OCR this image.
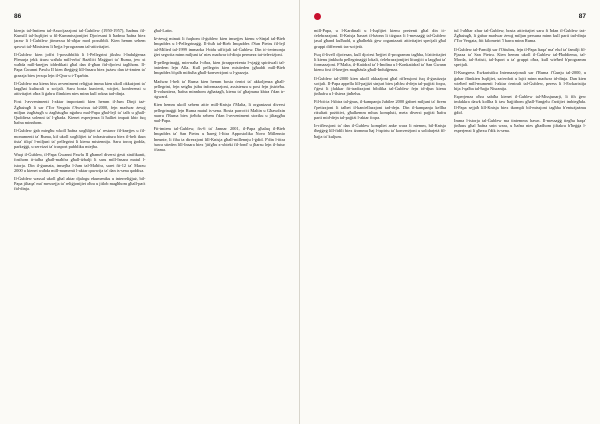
86

kienja tal-Imtiem tal-Assoċjazzjoni tal-Ġubilew (1950-1957), ħadmu fil-Kunsill tal-Isqfijiet u fil-Kummissjonijiet Djoċesani li ħadmu ħafna biex jaraw li l-Ġubilew jitmexxa bl-aħjar mod possibbli. Kien hemm sehem qawwi tal-Ministeru li ħejja l-programm tal-attivitajiet.

Il-Ġublew kien joffri l-possibbiltà li l-Pellegrini jiksbu l-Indulġenza Plenarja jekk iżuru waħda mill-erba' Bażiliċi Maġġuri ta' Ruma, jew xi waħda mill-knejjes iddedikati għal dan il-għan fid-djoċesi tagħhom. Il-Papa Ġwanni Pawlu II kien iħeġġeġ lill-Insara biex jużaw dan iż-żmien ta' grazzja biex jersqu lejn il-Qrar u t-Tqarbin.

Il-Ġublew ma kienx biss avveniment reliġjuż imma kien ukoll okkażjoni ta' laqgħat kulturali u soċjali. Saru bosta kunċerti, wirjiet, konferenzi u attivitajiet oħra li ġabru flimkien nies minn kull rokna tad-dinja.

Fost l-avvenimenti l-aktar importanti kien hemm il-Jum Dinji taż-Żgħażagħ li sar f'Tor Vergata f'Awwissu tal-2000, fejn madwar żewġ miljun żagħżugħ u żagħżugħa nġabru mal-Papa għal-lejl ta' talb u għall-Quddiesa solenni ta' l-għada. Kienet esperjenza li ħalliet impatt kbir fuq ħafna minnhom.

Il-Ġublew ġab miegħu wkoll ħafna xogħlijiet ta' restawr fil-knejjes u fil-monumenti ta' Ruma, kif ukoll xogħlijiet ta' infrastruttura biex il-belt tkun tista' tilqa' l-miljuni ta' pellegrini li kienu mistennija. Saru toroq ġodda, parkeġġi, u servizzi ta' trasport pubbliku mtejba.

Waqt il-Ġublew, il-Papa Ġwanni Pawlu II għamel diversi ġesti sinifikanti, fosthom it-talba għall-maħfra għall-iżbalji li saru mill-Insara matul l-istorja. Din il-ġurnata, imsejħa l-Jum tal-Maħfra, saret fit-12 ta' Marzu 2000 u kienet waħda mill-mumenti l-aktar qawwija ta' dan is-sena qaddisa.

Il-Ġublew wassal ukoll għal aktar djalogu ekumeniku u interreliġjuż, bil-Papa jiltaqa' ma' mexxejja ta' reliġjonijiet oħra u jitlob magħhom għall-paċi fid-dinja.

għal-Latin.

Iż-żewġ minuti li fuqhom il-ġublew kien imsejjes kienu s-Sinjal tal-Bieb Imqaddes u l-Pellegrinaġġ. Il-ftuħ tal-Bieb Imqaddes f'San Pietru fil-lejl tal-Milied tal-1999 immarka l-bidu uffiċjali tal-Ġublew. Din iċ-ċerimonja ġiet segwita minn miljuni ta' nies madwar id-dinja permezz tat-televiżjoni.

Il-pellegrinaġġ, min-naħa l-oħra, kien jirrappreżenta l-vjaġġ spiritwali tal-bniedem lejn Alla. Kull pellegrin kien mistieden jgħaddi mill-Bieb Imqaddes b'qalb miftuħa għall-konverżjoni u l-grazzja.

Madwar l-belt ta' Ruma kien hemm bosta ċentri ta' akkoljenza għall-pellegrini, fejn setgħu jsibu informazzjoni, assistenza u post fejn jistrieħu. Il-voluntiera, ħafna minnhom żgħażagħ, kienu ta' għajnuna kbira f'dan ir-rigward.

Kien hemm ukoll sehem attiv mill-Knisja f'Malta, li organizzat diversi pellegrinaġġi lejn Ruma matul is-sena. Bosta parroċċi Maltin u Għawdxin marru f'Ruma biex jieħdu sehem f'dan l-avveniment storiku u jiltaqgħu mal-Papa.

Fit-tmiem tal-Ġublew, fis-6 ta' Jannar 2001, il-Papa għalaq il-Bieb Imqaddes ta' San Pietru u ħareġ l-Ittra Appostolika Novo Millennio Ineunte, li fiha ta direzzjoni lill-Knisja għall-millennju l-ġdid. F'din l-ittra huwa stieden lill-Insara biex 'jitfgħu x-xbieki fil-fond' u jħarsu lejn il-futur b'tama.

87

mill-Papa, u l-Kardinali u l-Isqfijiet kienu preżenti għal din iċ-ċelebrazzjoni. Il-Knisja ħasset il-bżonn li tiżgura li l-messaġġ tal-Ġublew jasal għand kulħadd, u għalhekk ġew organizzati attivitajiet speċjali għal gruppi differenti tas-soċjetà.

Fuq il-livell djoċesan, kull djoċesi ħejjiet il-programm tagħha, b'attivitajiet li kienu jinkludu pellegrinaġġi lokali, ċelebrazzjonijiet liturġiċi u laqgħat ta' formazzjoni. F'Malta, il-Katidral ta' l-Imdina u l-Konkatidral ta' San Ġwann kienu fost il-knejjes magħżula għall-Indulġenza.

Il-Ġublew tal-2000 kien ukoll okkażjoni għal riflessjoni fuq il-ġustizzja soċjali. Il-Papa appella lill-pajjiżi sinjuri biex jaħfru d-dejn tal-pajjiżi foqra, f'ġest li jfakkar fit-tradizzjoni bibilika tal-Ġublew fejn id-djun kienu jinħafru u l-ilsiera jinħelsu.

Fil-biċċa l-kbira tal-ġnus, il-kampanja Jubilee 2000 ġabret miljuni ta' firem f'petizzjoni li talbet il-kanċellazzjoni tad-dejn. Din il-kampanja kellha riżultati pożittivi, għalkemm mhux kompluti, meta diversi pajjiżi ħafru parti mid-dejn tal-pajjiżi l-aktar foqra.

Ir-riflessjoni ta' dan il-Ġublew kompliet anke wara li ntemm, bil-Knisja tħeġġeġ lill-fidili biex iżommu ħaj l-ispirtu ta' konverżjoni u solidarjetà fil-ħajja ta' kuljum.

tul l-aħħar xhur tal-Ġublew, bosta attivitajiet saru fi ħdan il-Ġublew taż-Żgħażagħ, li ġabar madwar żewġ miljun persuna minn kull parti tad-dinja f'Tor Vergata, ftit kilometri 'l barra minn Ruma.

Il-Ġublew tal-Familji sar f'Ottubru, fejn il-Papa ltaqa' ma' eluf ta' familji fil-Pjazza ta' San Pietru. Kien hemm ukoll il-Ġublew tal-Ħaddiema, tal-Morda, tal-Artisti, tal-Isport u ta' gruppi oħra, kull wieħed b'programm speċjali.

Il-Kungress Ewkaristiku Internazzjonali sar f'Ruma f'Ġunju tal-2000, u ġabar flimkien Isqfijiet, saċerdoti u lajċi minn madwar id-dinja. Dan kien wieħed mill-mumenti l-aktar ċentrali tal-Ġublew, peress li l-Ewkaristija hija l-qalba tal-ħajja Nisranija.

Esperjenza oħra sabiħa kienet il-Ġublew tal-Missjunarji, li fih ġew imfakkra dawk kollha li taw ħajjithom għall-Vanġelu f'artijiet imbiegħda. Il-Papa sejjaħ lill-Knisja biex tkompli bil-missjoni tagħha b'entużjażmu ġdid.

Imma l-istorja tal-Ġublew ma tintemmx hawn. Il-messaġġ tiegħu baqa' jinħass għal ħafna snin wara, u ħafna nies għadhom jiftakru b'ħeġġa l-esperjenzi li għexu f'dik is-sena.
